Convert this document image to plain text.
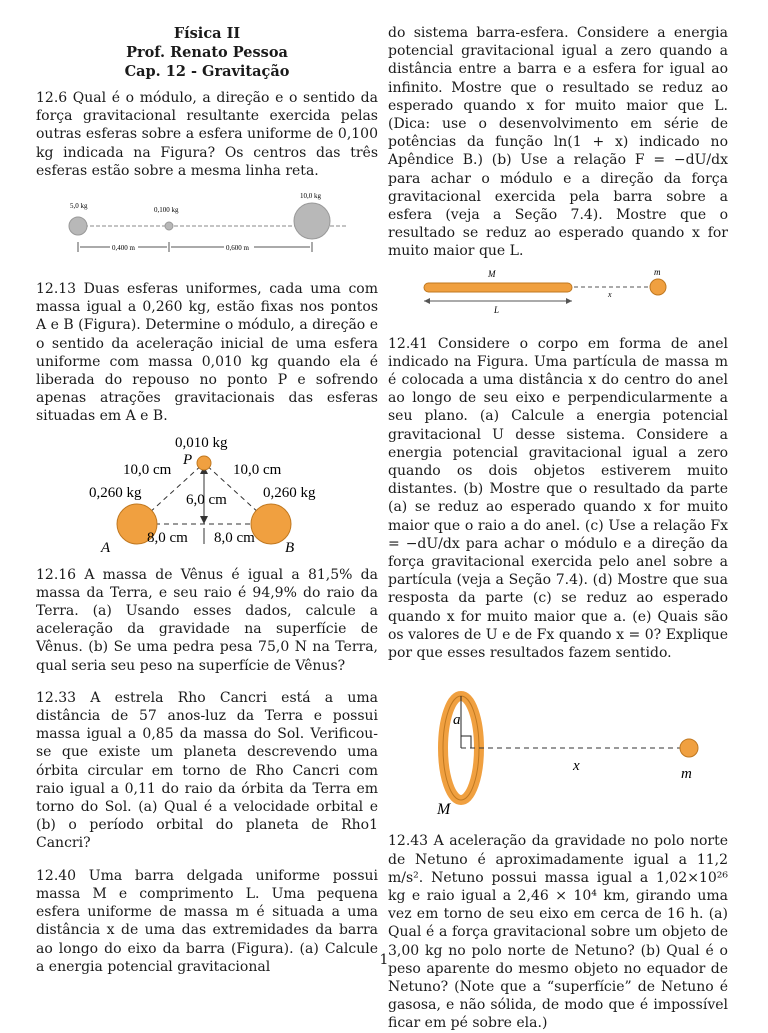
Física II
Prof. Renato Pessoa
Cap. 12 - Gravitação

12.6 Qual é o módulo, a direção e o sentido da força gravitacional resultante exercida pelas outras esferas sobre a esfera uniforme de 0,100 kg indicada na Figura? Os centros das três esferas estão sobre a mesma linha reta.

5,0 kg	0,100 kg
10,0 kg
0,400 m	0,600 m

12.13 Duas esferas uniformes, cada uma com massa igual a 0,260 kg, estão fixas nos pontos A e B (Figura). Determine o módulo, a direção e o sentido da aceleração inicial de uma esfera uniforme com massa 0,010 kg quando ela é liberada do repouso no ponto P e sofrendo apenas atrações gravitacionais das esferas situadas em A e B.

0,010 kg
P
10,0 cm	10,0 cm
0,260 kg	0,260 kg
6,0 cm
8,0 cm 8,0 cm
A	B

12.16 A massa de Vênus é igual a 81,5% da massa da Terra, e seu raio é 94,9% do raio da Terra. (a) Usando esses dados, calcule a aceleração da gravidade na superfície de Vênus. (b) Se uma pedra pesa 75,0 N na Terra, qual seria seu peso na superfície de Vênus?

12.33 A estrela Rho Cancri está a uma distância de 57 anos-luz da Terra e possui massa igual a 0,85 da massa do Sol. Verificou-se que existe um planeta descrevendo uma órbita circular em torno de Rho Cancri com raio igual a 0,11 do raio da órbita da Terra em torno do Sol. (a) Qual é a velocidade orbital e (b) o período orbital do planeta de Rho1 Cancri?

12.40 Uma barra delgada uniforme possui massa M e comprimento L. Uma pequena esfera uniforme de massa m é situada a uma distância x de uma das extremidades da barra ao longo do eixo da barra (Figura). (a) Calcule a energia potencial gravitacional

do sistema barra-esfera. Considere a energia potencial gravitacional igual a zero quando a distância entre a barra e a esfera for igual ao infinito. Mostre que o resultado se reduz ao esperado quando x for muito maior que L. (Dica: use o desenvolvimento em série de potências da função ln(1 + x) indicado no Apêndice B.) (b) Use a relação F = −dU/dx para achar o módulo e a direção da força gravitacional exercida pela barra sobre a esfera (veja a Seção 7.4). Mostre que o resultado se reduz ao esperado quando x for muito maior que L.

M	m
L
x

12.41 Considere o corpo em forma de anel indicado na Figura. Uma partícula de massa m é colocada a uma distância x do centro do anel ao longo de seu eixo e perpendicularmente a seu plano. (a) Calcule a energia potencial gravitacional U desse sistema. Considere a energia potencial gravitacional igual a zero quando os dois objetos estiverem muito distantes. (b) Mostre que o resultado da parte (a) se reduz ao esperado quando x for muito maior que o raio a do anel. (c) Use a relação Fx = −dU/dx para achar o módulo e a direção da força gravitacional exercida pelo anel sobre a partícula (veja a Seção 7.4). (d) Mostre que sua resposta da parte (c) se reduz ao esperado quando x for muito maior que a. (e) Quais são os valores de U e de Fx quando x = 0? Explique por que esses resultados fazem sentido.

a
x	m
M

12.43 A aceleração da gravidade no polo norte de Netuno é aproximadamente igual a 11,2 m/s². Netuno possui massa igual a 1,02×10²⁶ kg e raio igual a 2,46 × 10⁴ km, girando uma vez em torno de seu eixo em cerca de 16 h. (a) Qual é a força gravitacional sobre um objeto de 3,00 kg no polo norte de Netuno? (b) Qual é o peso aparente do mesmo objeto no equador de Netuno? (Note que a “superfície” de Netuno é gasosa, e não sólida, de modo que é impossível ficar em pé sobre ela.)

1
